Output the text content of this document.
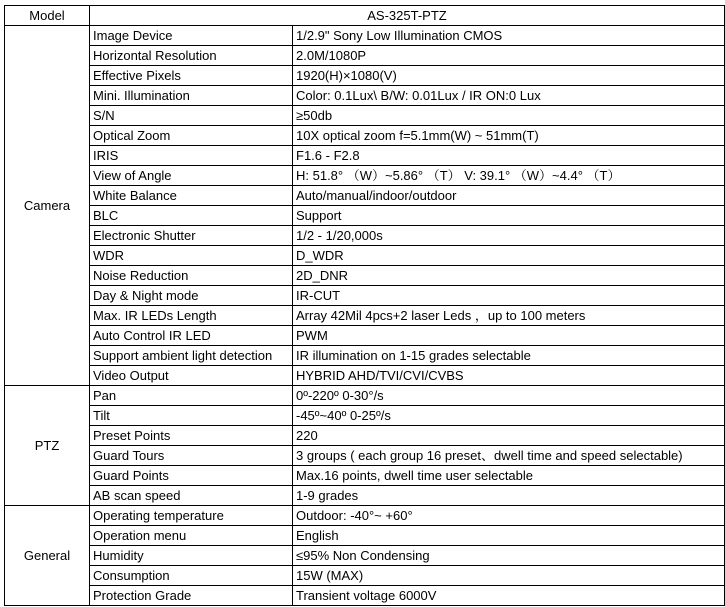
Model	AS-325T-PTZ	
Camera	Image Device	1/2.9" Sony Low Illumination CMOS
	Horizontal Resolution	2.0M/1080P
	Effective Pixels	1920(H)×1080(V)
	Mini. Illumination	Color: 0.1Lux\ B/W: 0.01Lux / IR ON:0 Lux
	S/N	≥50db
	Optical Zoom	10X optical zoom f=5.1mm(W) ~ 51mm(T)
	IRIS	F1.6 - F2.8
	View of Angle	H: 51.8° （W）~5.86° （T） V: 39.1° （W）~4.4° （T）
	White Balance	Auto/manual/indoor/outdoor
	BLC	Support
	Electronic Shutter	1/2 - 1/20,000s
	WDR	D_WDR
	Noise Reduction	2D_DNR
	Day & Night mode	IR-CUT
	Max. IR LEDs Length	Array 42Mil 4pcs+2 laser Leds ，up to 100 meters
	Auto Control IR LED	PWM
	Support ambient light detection	IR illumination on 1-15 grades selectable
	Video Output	HYBRID AHD/TVI/CVI/CVBS
PTZ	Pan	0º-220º 0-30°/s
	Tilt	-45º~40º 0-25º/s
	Preset Points	220
	Guard Tours	3 groups ( each group 16 preset、dwell time and speed selectable)
	Guard Points	Max.16 points, dwell time user selectable
	AB scan speed	1-9 grades
General	Operating temperature	Outdoor: -40°~ +60°
	Operation menu	English
	Humidity	≤95% Non Condensing
	Consumption	15W (MAX)
	Protection Grade	Transient voltage 6000V
